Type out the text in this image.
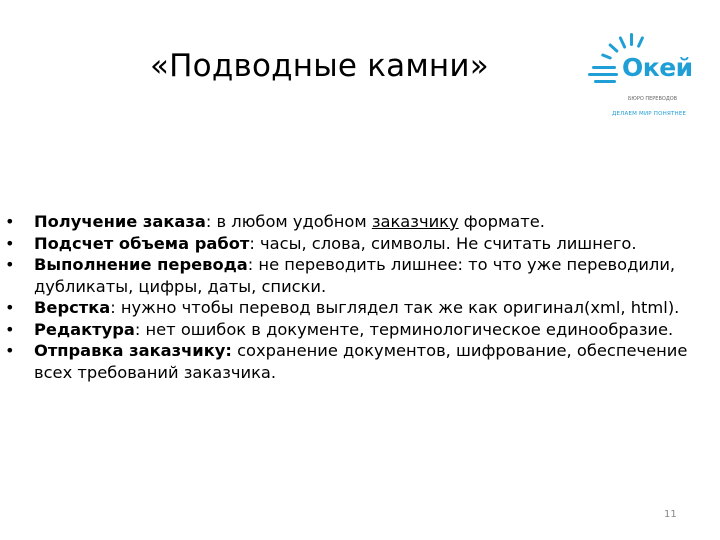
«Подводные камни»	Окей
БЮРО ПЕРЕВОДОВ
ДЕЛАЕМ МИР ПОНЯТНЕЕ
• Получение заказа: в любом удобном заказчику формате.
• Подсчет объема работ: часы, слова, символы. Не считать лишнего.
• Выполнение перевода: не переводить лишнее: то что уже переводили, дубликаты, цифры, даты, списки.
• Верстка: нужно чтобы перевод выглядел так же как оригинал(xml, html).
• Редактура: нет ошибок в документе, терминологическое единообразие.
• Отправка заказчику: сохранение документов, шифрование, обеспечение всех требований заказчика.
11
